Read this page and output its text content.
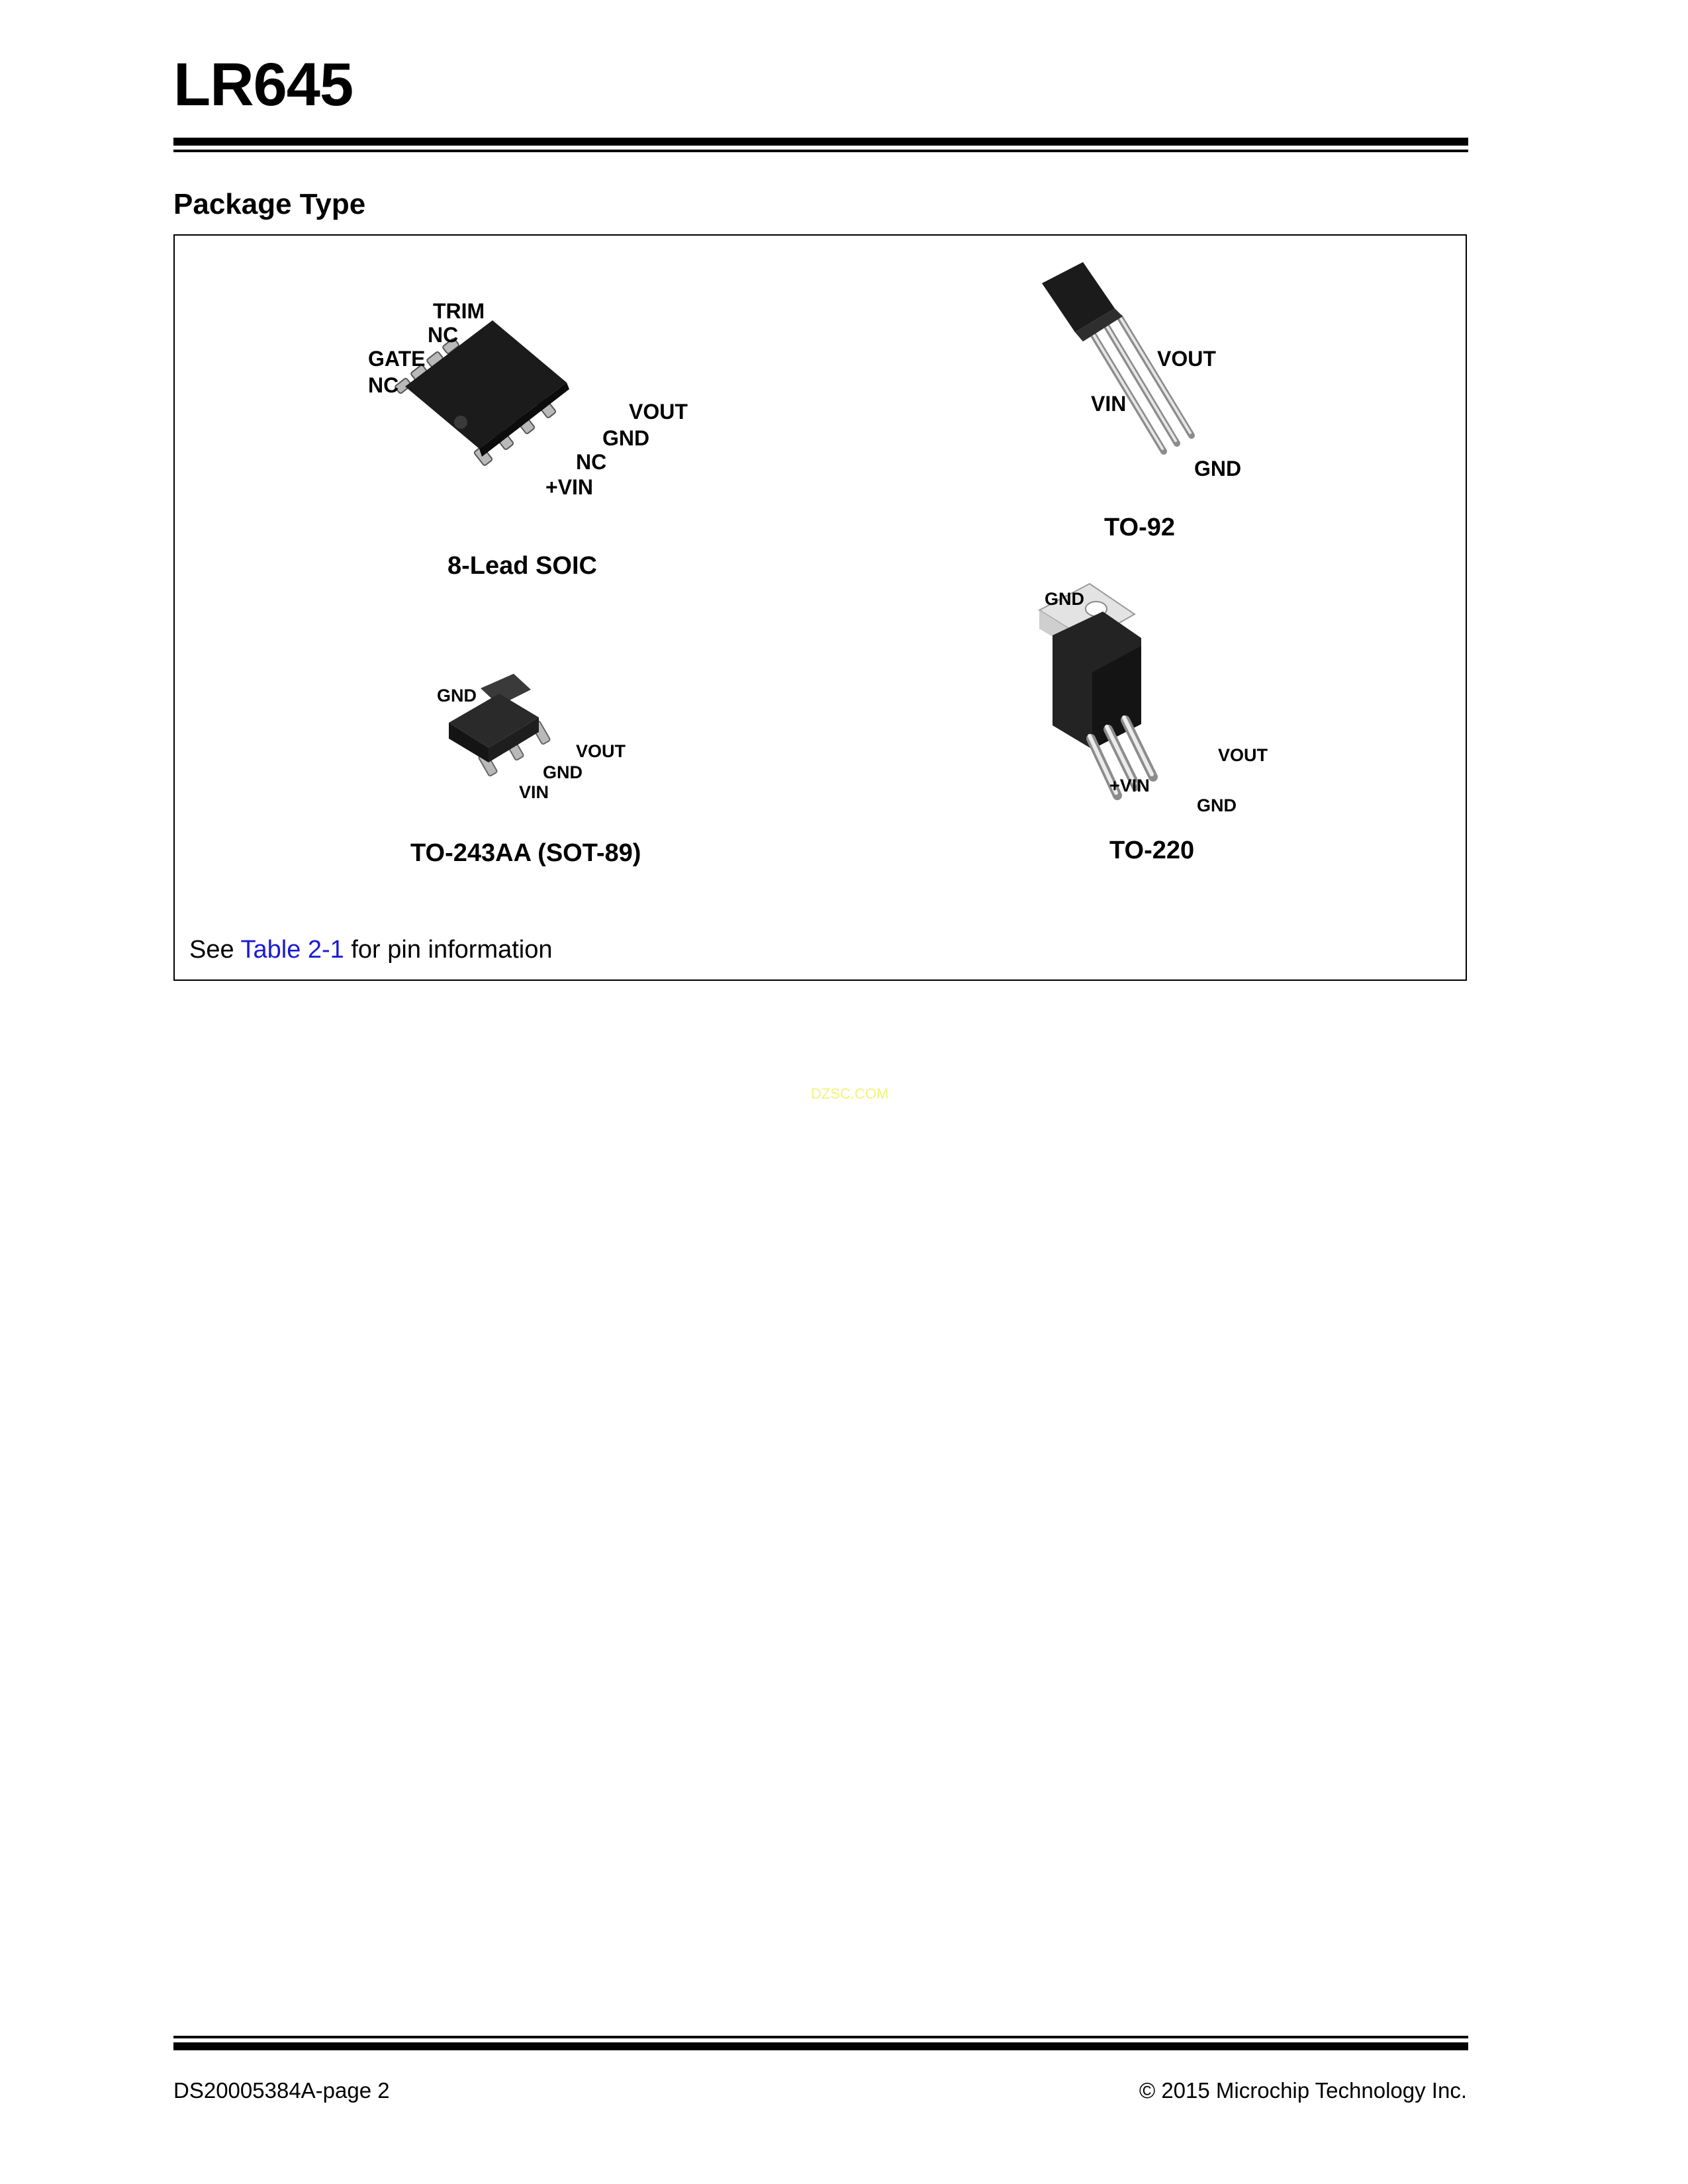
LR645
Package Type
TRIM
NC
GATE
NC
VOUT
GND
NC
+VIN
8-Lead SOIC
VOUT
VIN
GND
TO-92
GND
VOUT
GND
VIN
TO-243AA (SOT-89)
GND
VOUT
+VIN
GND
TO-220
See Table 2-1 for pin information
DZSC.COM
DS20005384A-page 2	© 2015 Microchip Technology Inc.
